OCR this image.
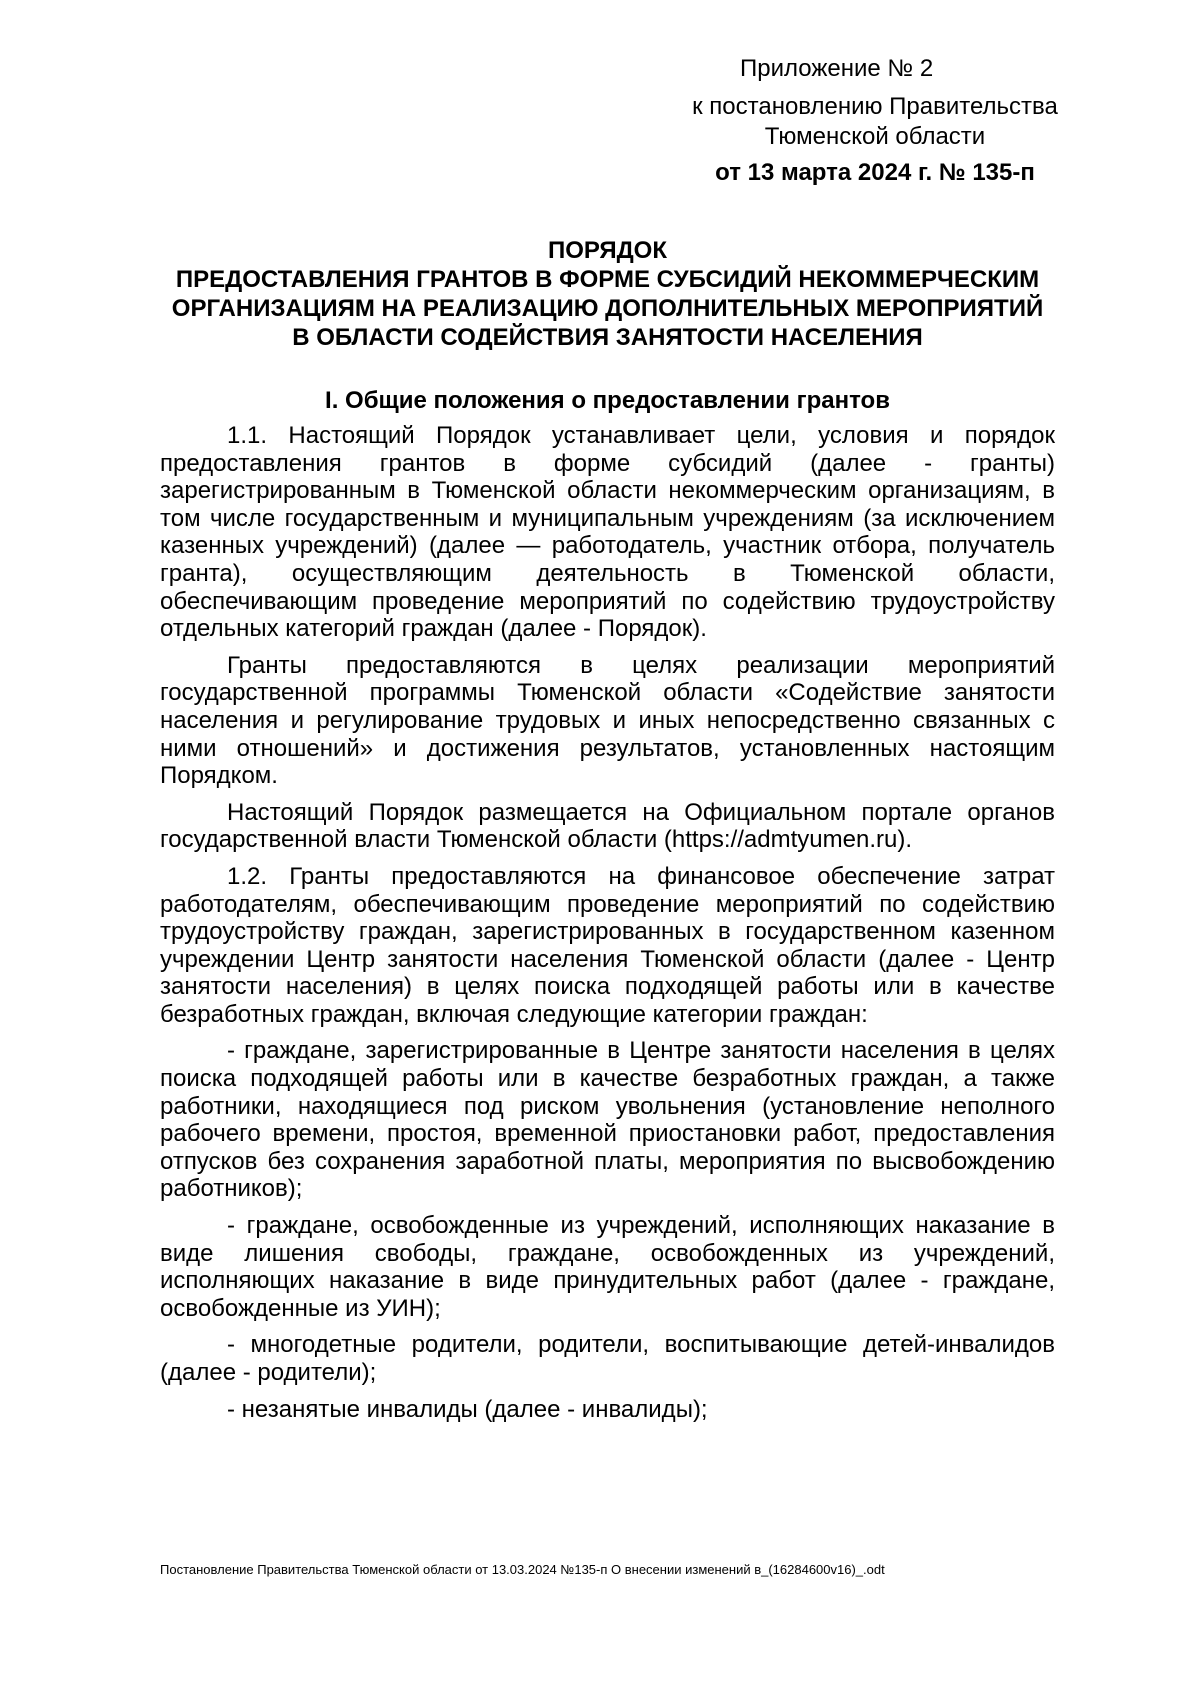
Приложение № 2
к постановлению Правительства
Тюменской области
от 13 марта 2024 г. № 135-п
ПОРЯДОК
ПРЕДОСТАВЛЕНИЯ ГРАНТОВ В ФОРМЕ СУБСИДИЙ НЕКОММЕРЧЕСКИМ
ОРГАНИЗАЦИЯМ НА РЕАЛИЗАЦИЮ ДОПОЛНИТЕЛЬНЫХ МЕРОПРИЯТИЙ
В ОБЛАСТИ СОДЕЙСТВИЯ ЗАНЯТОСТИ НАСЕЛЕНИЯ
I. Общие положения о предоставлении грантов

1.1. Настоящий Порядок устанавливает цели, условия и порядок предоставления грантов в форме субсидий (далее - гранты) зарегистрированным в Тюменской области некоммерческим организациям, в том числе государственным и муниципальным учреждениям (за исключением казенных учреждений) (далее — работодатель, участник отбора, получатель гранта), осуществляющим деятельность в Тюменской области, обеспечивающим проведение мероприятий по содействию трудоустройству отдельных категорий граждан (далее - Порядок).

Гранты предоставляются в целях реализации мероприятий государственной программы Тюменской области «Содействие занятости населения и регулирование трудовых и иных непосредственно связанных с ними отношений» и достижения результатов, установленных настоящим Порядком.

Настоящий Порядок размещается на Официальном портале органов государственной власти Тюменской области (https://admtyumen.ru).

1.2. Гранты предоставляются на финансовое обеспечение затрат работодателям, обеспечивающим проведение мероприятий по содействию трудоустройству граждан, зарегистрированных в государственном казенном учреждении Центр занятости населения Тюменской области (далее - Центр занятости населения) в целях поиска подходящей работы или в качестве безработных граждан, включая следующие категории граждан:

- граждане, зарегистрированные в Центре занятости населения в целях поиска подходящей работы или в качестве безработных граждан, а также работники, находящиеся под риском увольнения (установление неполного рабочего времени, простоя, временной приостановки работ, предоставления отпусков без сохранения заработной платы, мероприятия по высвобождению работников);

- граждане, освобожденные из учреждений, исполняющих наказание в виде лишения свободы, граждане, освобожденных из учреждений, исполняющих наказание в виде принудительных работ (далее - граждане, освобожденные из УИН);

- многодетные родители, родители, воспитывающие детей-инвалидов (далее - родители);

- незанятые инвалиды (далее - инвалиды);

Постановление Правительства Тюменской области от 13.03.2024 №135-п О внесении изменений в_(16284600v16)_.odt
